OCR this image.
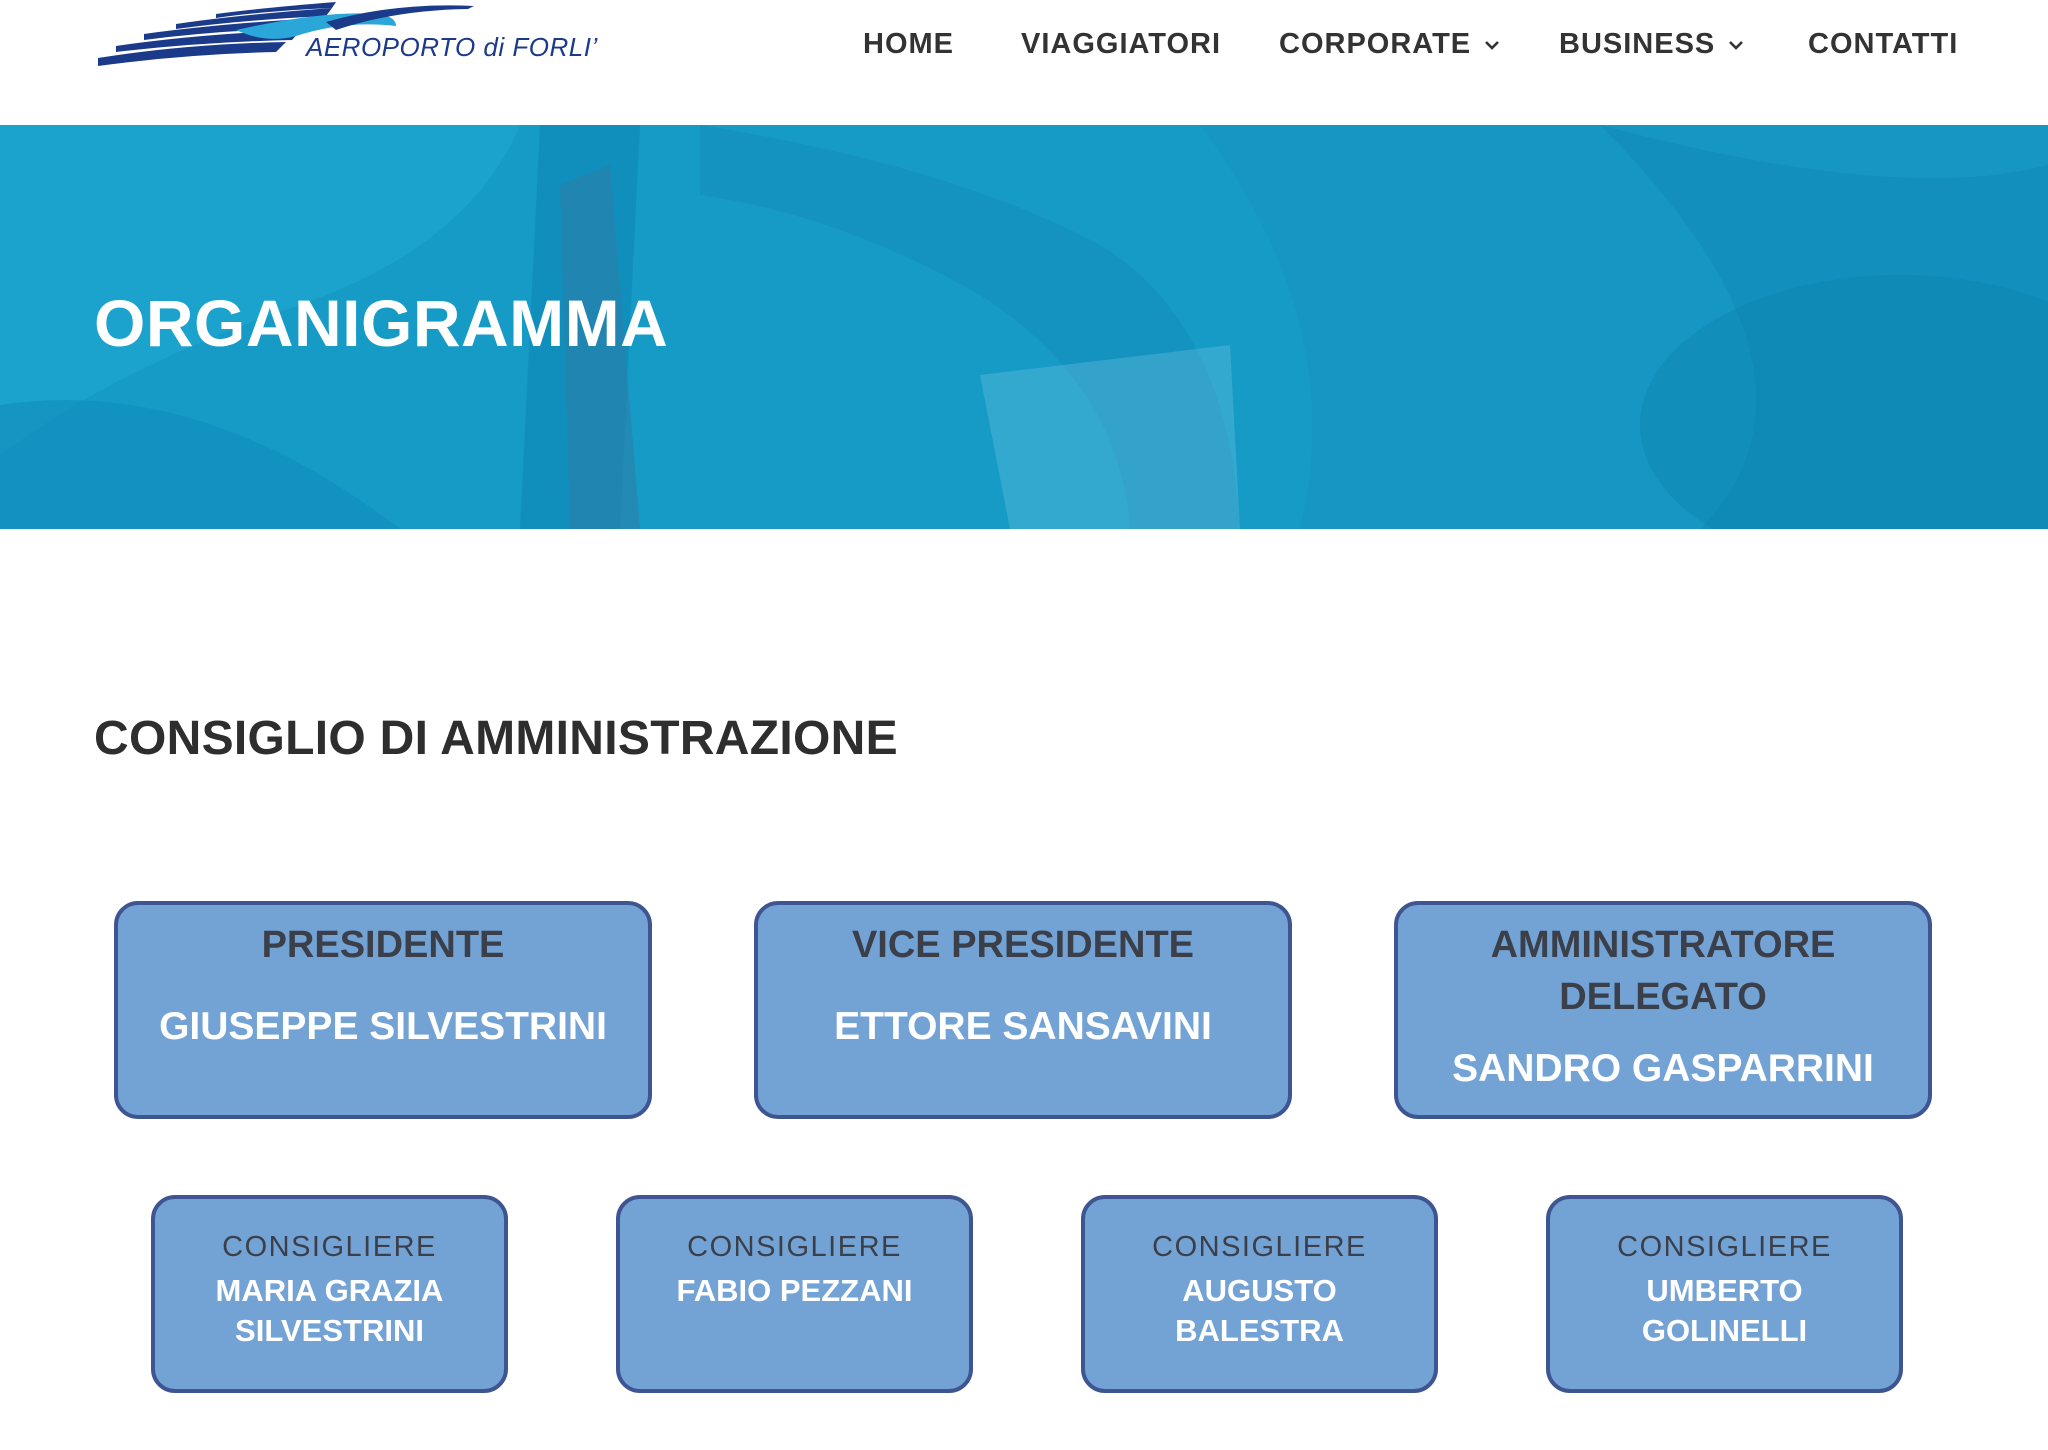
AEROPORTO di FORLI’	HOME VIAGGIATORI CORPORATE	BUSINESS	CONTATTI
ORGANIGRAMMA
CONSIGLIO DI AMMINISTRAZIONE
PRESIDENTE
GIUSEPPE SILVESTRINI
VICE PRESIDENTE
ETTORE SANSAVINI
AMMINISTRATORE DELEGATO
SANDRO GASPARRINI
CONSIGLIERE
MARIA GRAZIA SILVESTRINI
CONSIGLIERE
FABIO PEZZANI
CONSIGLIERE
AUGUSTO BALESTRA
CONSIGLIERE
UMBERTO GOLINELLI
